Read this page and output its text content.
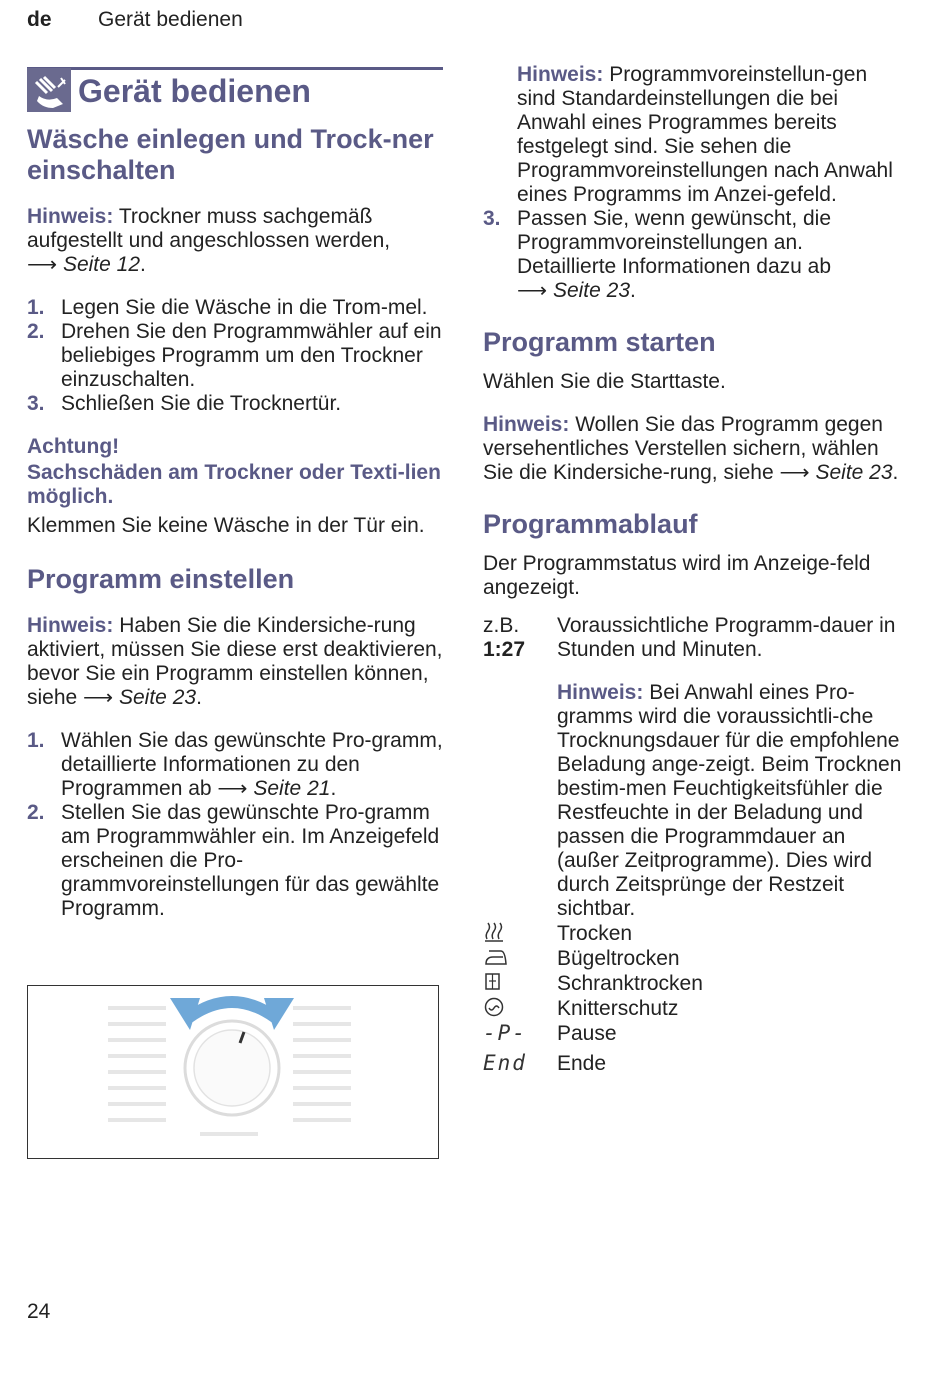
de Gerät bedienen
Gerät bedienen
Wäsche einlegen und Trock-ner einschalten
Hinweis: Trockner muss sachgemäß aufgestellt und angeschlossen werden,
⟶ Seite 12.
1. Legen Sie die Wäsche in die Trom-mel.
2. Drehen Sie den Programmwähler auf ein beliebiges Programm um den Trockner einzuschalten.
3. Schließen Sie die Trocknertür.
Achtung!
Sachschäden am Trockner oder Texti-lien möglich.
Klemmen Sie keine Wäsche in der Tür ein.
Programm einstellen
Hinweis: Haben Sie die Kindersiche-rung aktiviert, müssen Sie diese erst deaktivieren, bevor Sie ein Programm einstellen können, siehe ⟶ Seite 23.
1. Wählen Sie das gewünschte Pro-gramm, detaillierte Informationen zu den Programmen ab ⟶ Seite 21.
2. Stellen Sie das gewünschte Pro-gramm am Programmwähler ein. Im Anzeigefeld erscheinen die Pro-grammvoreinstellungen für das gewählte Programm.
Hinweis: Programmvoreinstellun-gen sind Standardeinstellungen die bei Anwahl eines Programmes bereits festgelegt sind. Sie sehen die Programmvoreinstellungen nach Anwahl eines Programms im Anzei-gefeld.
3. Passen Sie, wenn gewünscht, die Programmvoreinstellungen an. Detaillierte Informationen dazu ab
⟶ Seite 23.
Programm starten
Wählen Sie die Starttaste.
Hinweis: Wollen Sie das Programm gegen versehentliches Verstellen sichern, wählen Sie die Kindersiche-rung, siehe ⟶ Seite 23.
Programmablauf
Der Programmstatus wird im Anzeige-feld angezeigt.
z.B.
1:27
Voraussichtliche Programm-dauer in Stunden und Minuten.
Hinweis: Bei Anwahl eines Pro-gramms wird die voraussichtli-che Trocknungsdauer für die empfohlene Beladung ange-zeigt. Beim Trocknen bestim-men Feuchtigkeitsfühler die Restfeuchte in der Beladung und passen die Programmdauer an (außer Zeitprogramme). Dies wird durch Zeitsprünge der Restzeit sichtbar.
Trocken
Bügeltrocken
Schranktrocken
Knitterschutz
-P-	Pause
End	Ende
24
